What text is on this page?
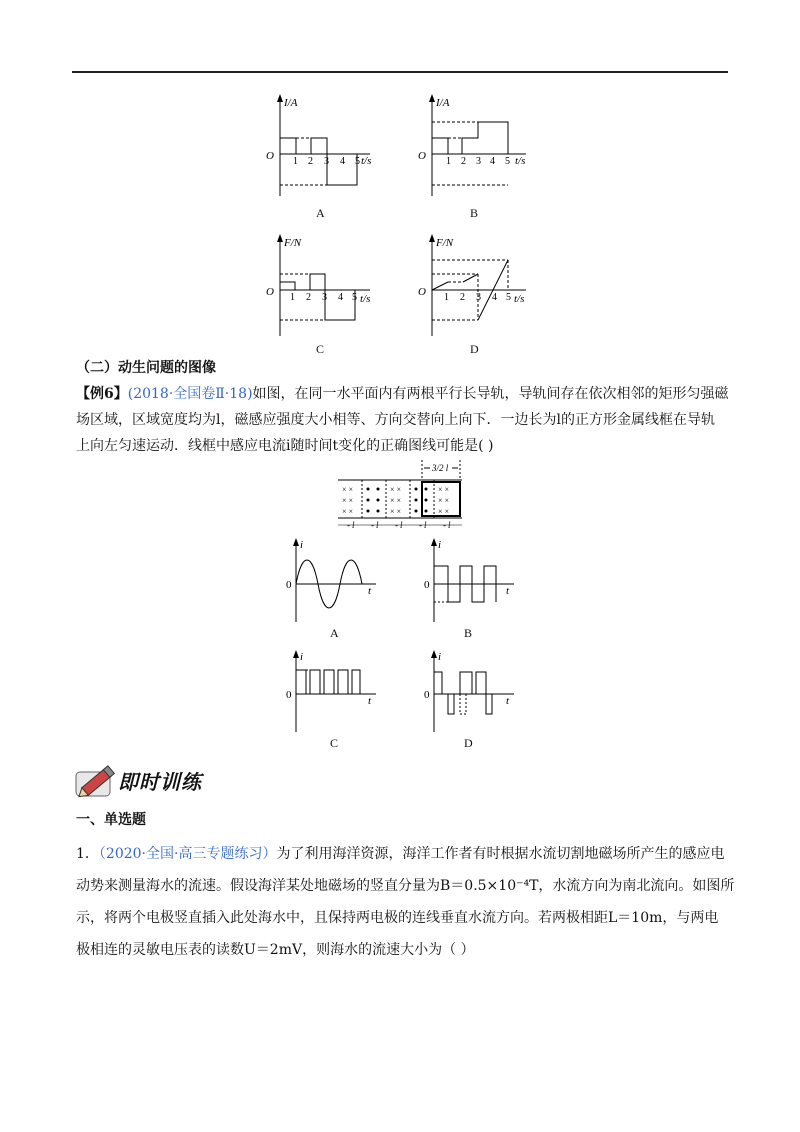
I/A
O	t/s
1 2 3 4 5
A
I/A
O	t/s
1 2 3 4 5
B
F/N
O
t/s
1 2 3 4 5
C
F/N
O
t/s
1 2 3 4 5
D
（二）动生问题的图像
【例6】(2018·全国卷Ⅱ·18)如图，在同一水平面内有两根平行长导轨，导轨间存在依次相邻的矩形匀强磁
场区域，区域宽度均为l，磁感应强度大小相等、方向交替向上向下．一边长为l的正方形金属线框在导轨
上向左匀速运动．线框中感应电流i随时间t变化的正确图线可能是( )
× ×
× ×
× ×
× ×
× ×
× ×
× ×
× ×
× ×
3/2 l
- l - l - l - l - l
i
0	t
A
i
0	t
B
i
0	t
C
i
0	t
D
即时训练
一、单选题
1．（2020·全国·高三专题练习）为了利用海洋资源，海洋工作者有时根据水流切割地磁场所产生的感应电
动势来测量海水的流速。假设海洋某处地磁场的竖直分量为B＝0.5×10⁻⁴T，水流方向为南北流向。如图所
示，将两个电极竖直插入此处海水中，且保持两电极的连线垂直水流方向。若两极相距L＝10m，与两电
极相连的灵敏电压表的读数U＝2mV，则海水的流速大小为（ ）
